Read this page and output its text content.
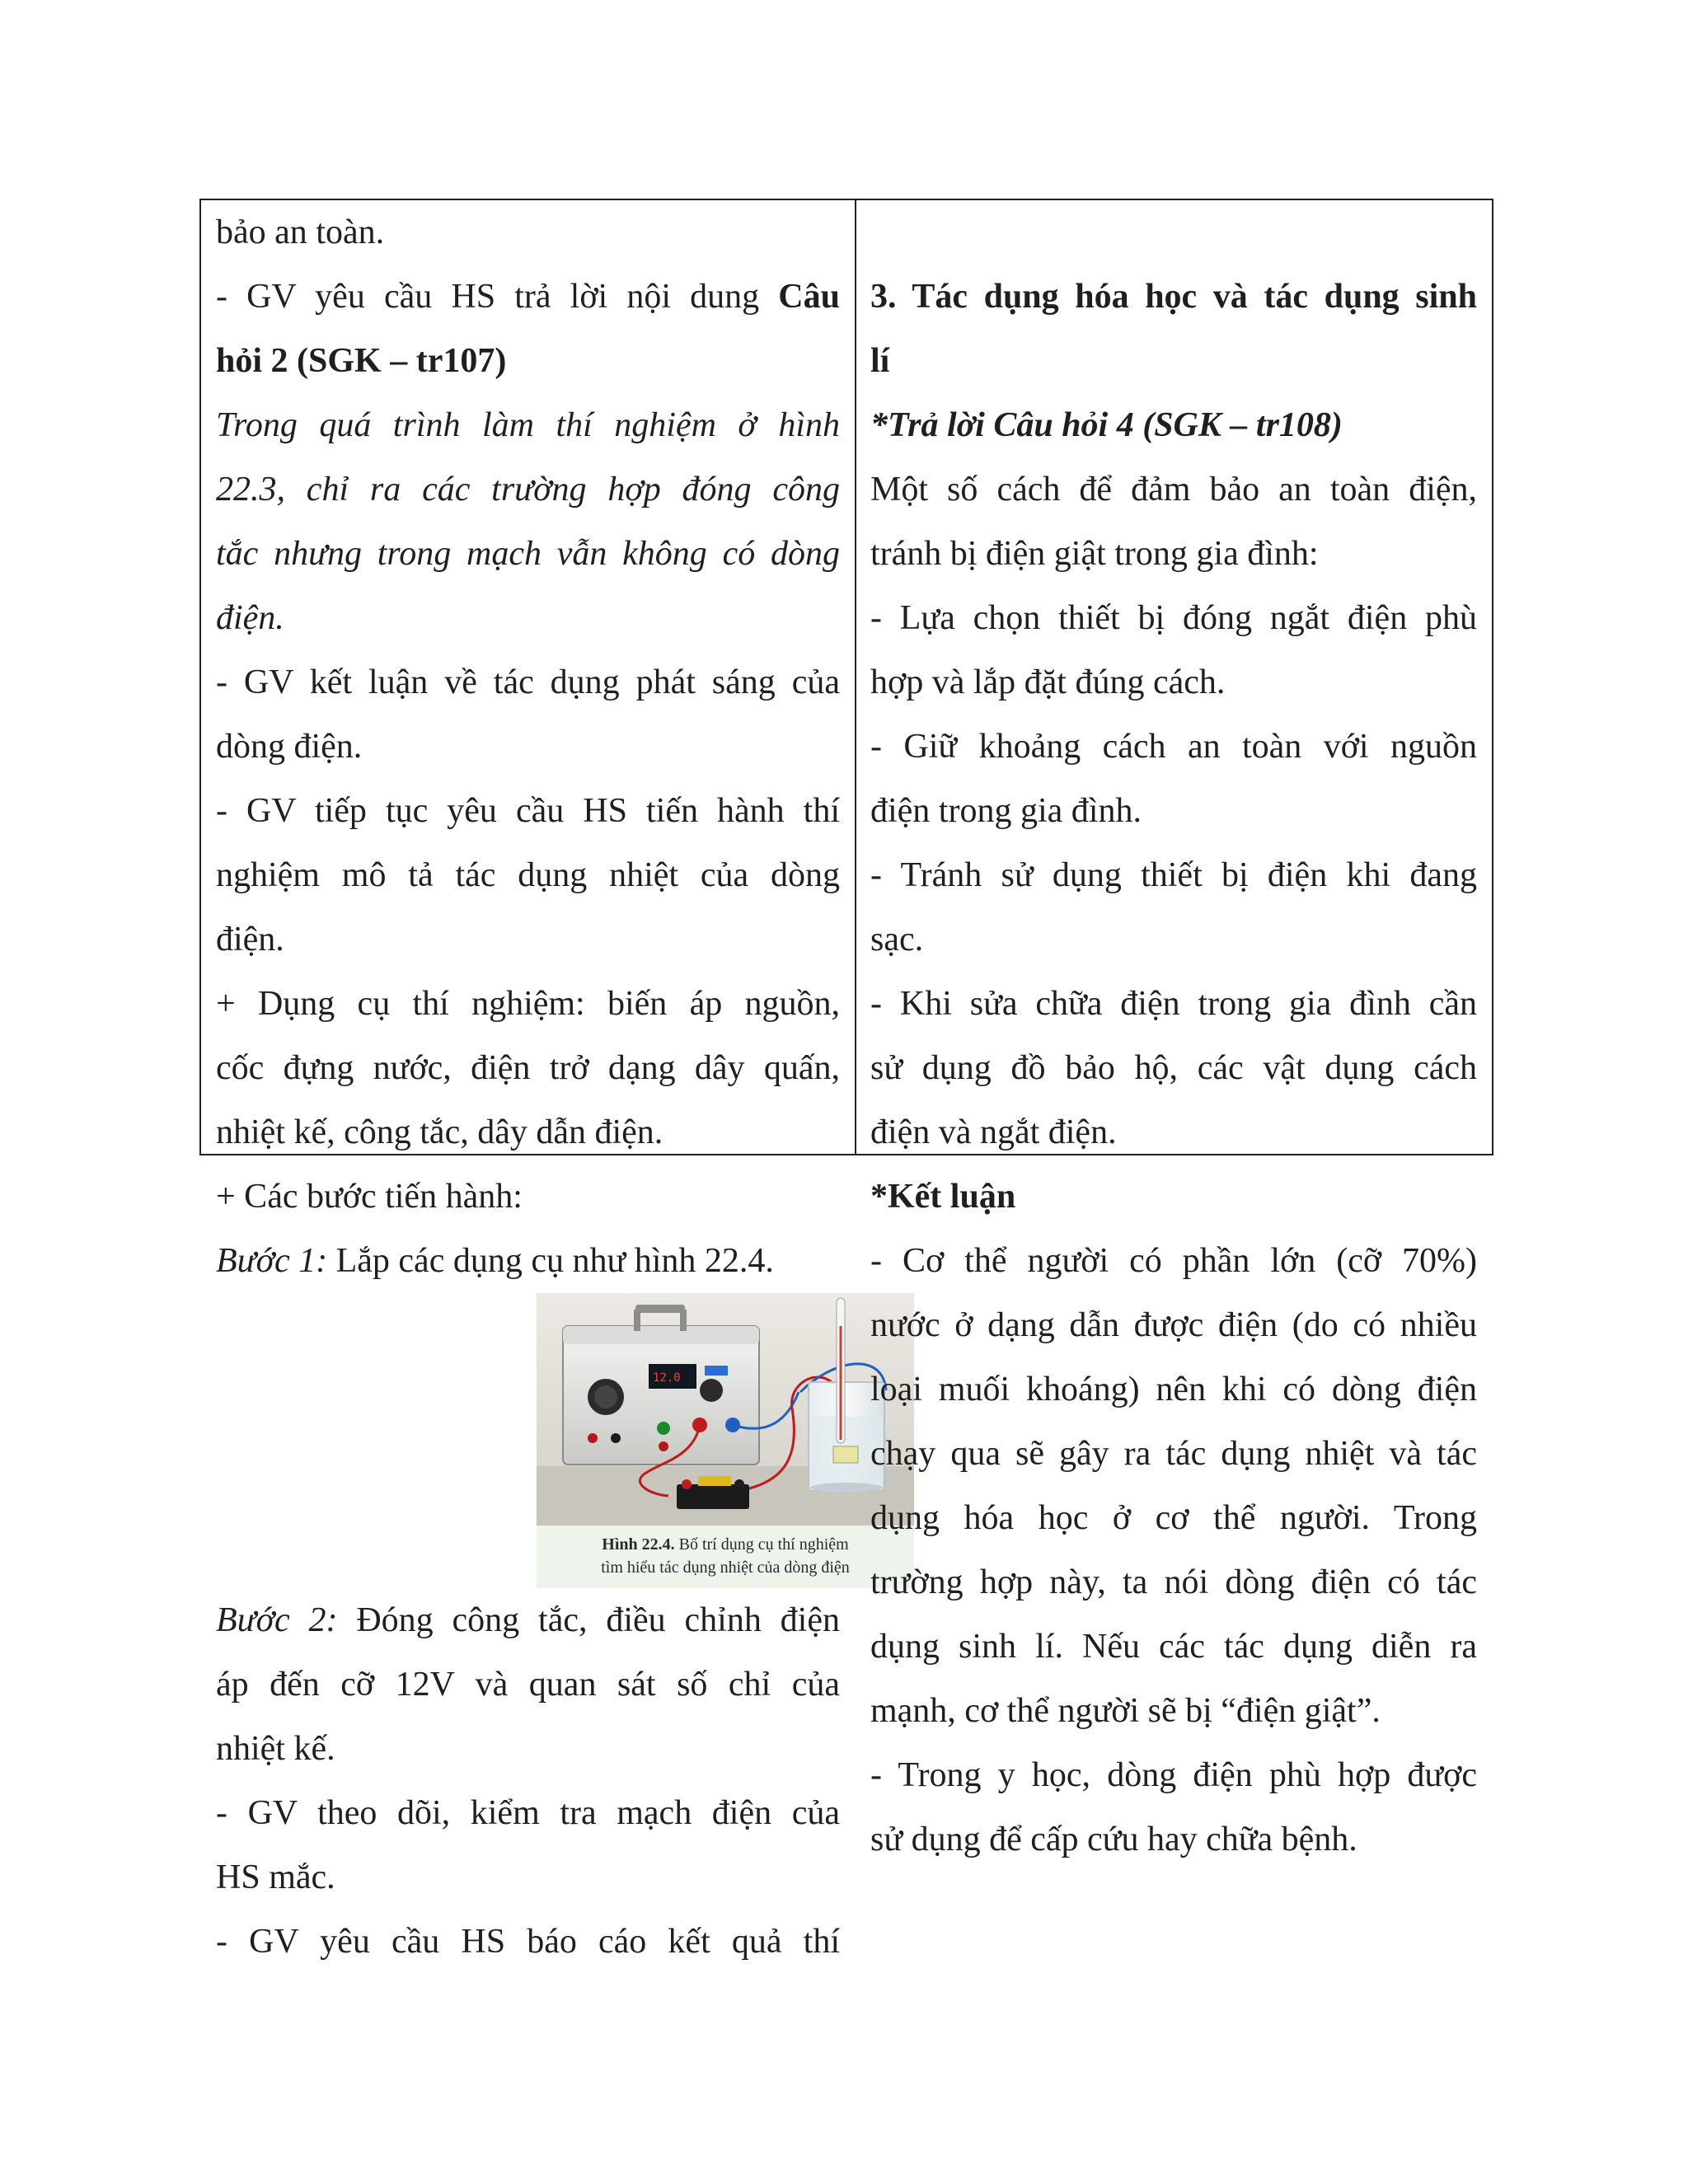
bảo an toàn.
- GV yêu cầu HS trả lời nội dung Câu
hỏi 2 (SGK – tr107)
Trong quá trình làm thí nghiệm ở hình
22.3, chỉ ra các trường hợp đóng công
tắc nhưng trong mạch vẫn không có dòng
điện.
- GV kết luận về tác dụng phát sáng của
dòng điện.
- GV tiếp tục yêu cầu HS tiến hành thí
nghiệm mô tả tác dụng nhiệt của dòng
điện.
+ Dụng cụ thí nghiệm: biến áp nguồn,
cốc đựng nước, điện trở dạng dây quấn,
nhiệt kế, công tắc, dây dẫn điện.
+ Các bước tiến hành:
Bước 1: Lắp các dụng cụ như hình 22.4.
12.0
Hình 22.4. Bố trí dụng cụ thí nghiệm
tìm hiểu tác dụng nhiệt của dòng điện
Bước 2: Đóng công tắc, điều chỉnh điện
áp đến cỡ 12V và quan sát số chỉ của
nhiệt kế.
- GV theo dõi, kiểm tra mạch điện của
HS mắc.
- GV yêu cầu HS báo cáo kết quả thí
3. Tác dụng hóa học và tác dụng sinh
lí
*Trả lời Câu hỏi 4 (SGK – tr108)
Một số cách để đảm bảo an toàn điện,
tránh bị điện giật trong gia đình:
- Lựa chọn thiết bị đóng ngắt điện phù
hợp và lắp đặt đúng cách.
- Giữ khoảng cách an toàn với nguồn
điện trong gia đình.
- Tránh sử dụng thiết bị điện khi đang
sạc.
- Khi sửa chữa điện trong gia đình cần
sử dụng đồ bảo hộ, các vật dụng cách
điện và ngắt điện.
*Kết luận
- Cơ thể người có phần lớn (cỡ 70%)
nước ở dạng dẫn được điện (do có nhiều
loại muối khoáng) nên khi có dòng điện
chạy qua sẽ gây ra tác dụng nhiệt và tác
dụng hóa học ở cơ thể người. Trong
trường hợp này, ta nói dòng điện có tác
dụng sinh lí. Nếu các tác dụng diễn ra
mạnh, cơ thể người sẽ bị “điện giật”.
- Trong y học, dòng điện phù hợp được
sử dụng để cấp cứu hay chữa bệnh.
